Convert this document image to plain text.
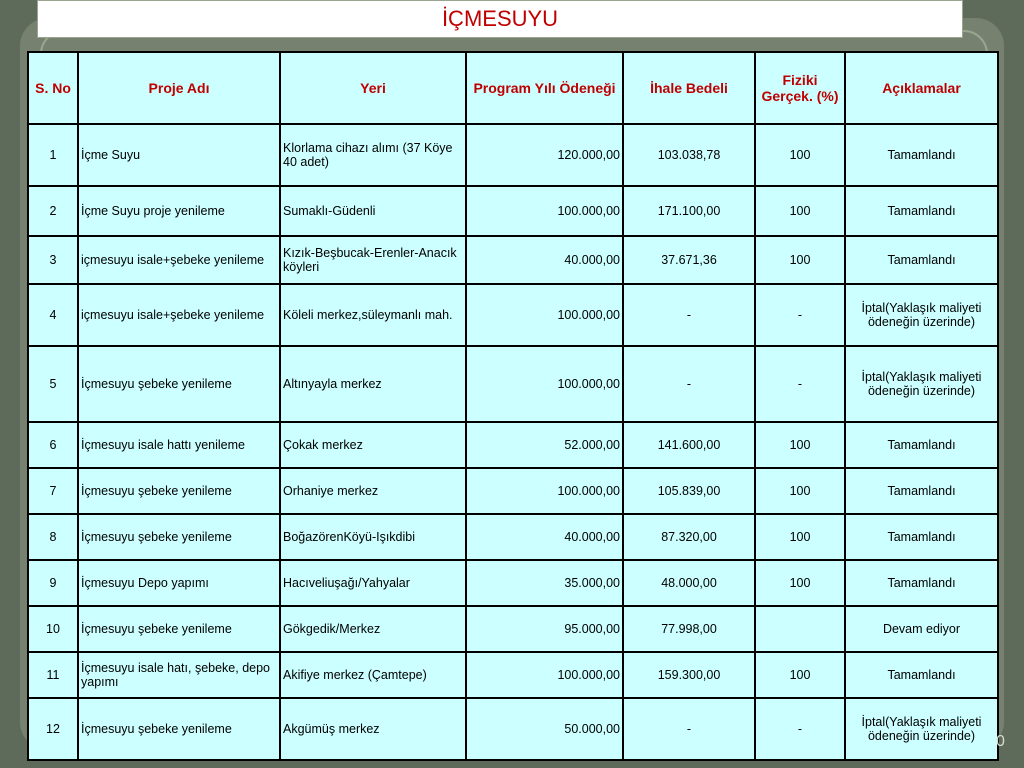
İÇMESUYU
S. No	Proje Adı	Yeri	Program Yılı Ödeneği	İhale Bedeli	Fiziki Gerçek. (%)	Açıklamalar
1	İçme Suyu	Klorlama cihazı alımı (37 Köye 40 adet)	120.000,00	103.038,78	100	Tamamlandı
2	İçme Suyu proje yenileme	Sumaklı-Güdenli	100.000,00	171.100,00	100	Tamamlandı
3	içmesuyu isale+şebeke yenileme	Kızık-Beşbucak-Erenler-Anacık köyleri	40.000,00	37.671,36	100	Tamamlandı
4	içmesuyu isale+şebeke yenileme	Köleli merkez,süleymanlı mah.	100.000,00	-	-	İptal(Yaklaşık maliyeti ödeneğin üzerinde)
5	İçmesuyu şebeke yenileme	Altınyayla merkez	100.000,00	-	-	İptal(Yaklaşık maliyeti ödeneğin üzerinde)
6	İçmesuyu isale hattı yenileme	Çokak merkez	52.000,00	141.600,00	100	Tamamlandı
7	İçmesuyu şebeke yenileme	Orhaniye merkez	100.000,00	105.839,00	100	Tamamlandı
8	İçmesuyu şebeke yenileme	BoğazörenKöyü-Işıkdibi	40.000,00	87.320,00	100	Tamamlandı
9	İçmesuyu Depo yapımı	Hacıveliuşağı/Yahyalar	35.000,00	48.000,00	100	Tamamlandı
10	İçmesuyu şebeke yenileme	Gökgedik/Merkez	95.000,00	77.998,00		Devam ediyor
11	İçmesuyu isale hatı, şebeke, depo yapımı	Akifiye merkez (Çamtepe)	100.000,00	159.300,00	100	Tamamlandı
12	İçmesuyu şebeke yenileme	Akgümüş merkez	50.000,00	-	-	İptal(Yaklaşık maliyeti ödeneğin üzerinde) 0
